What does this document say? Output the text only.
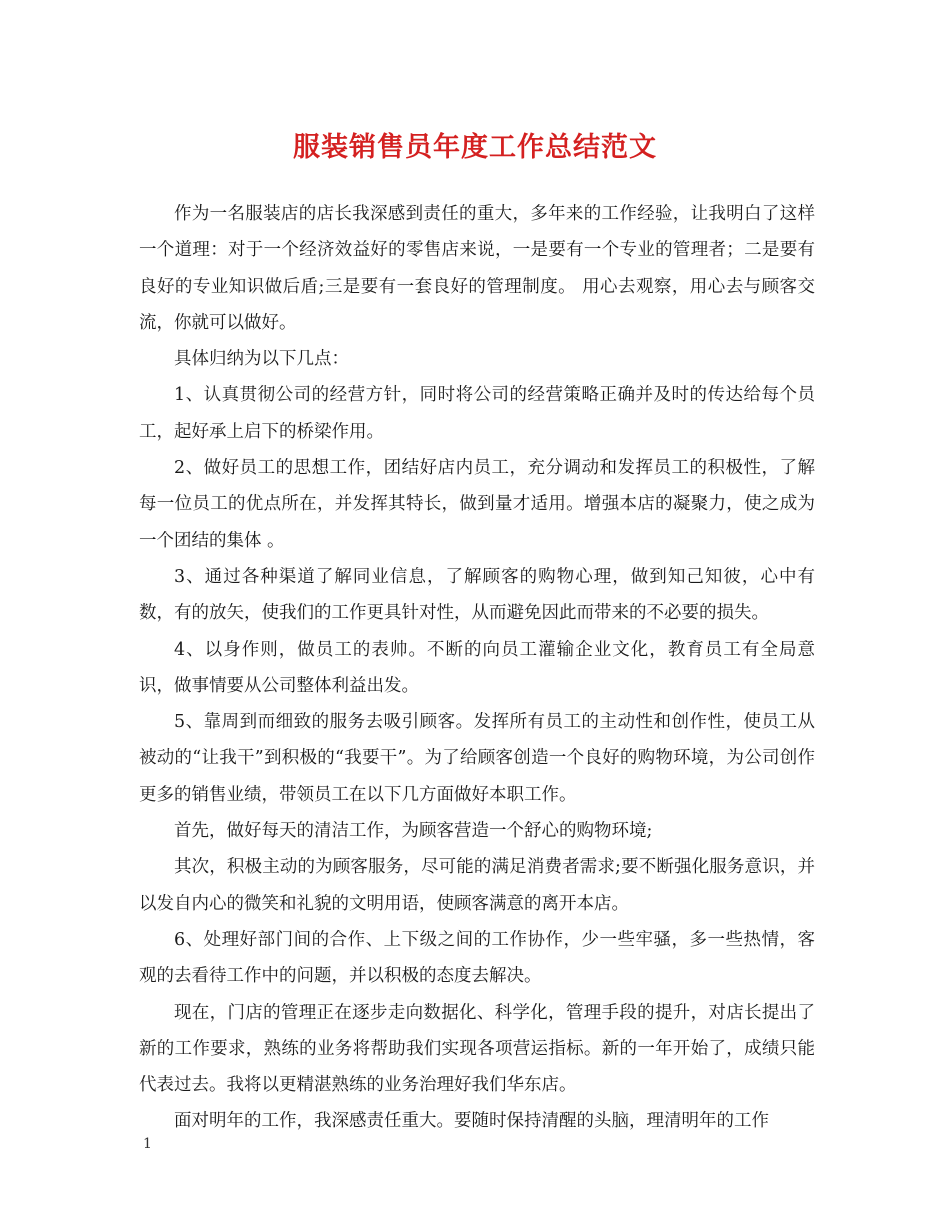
服装销售员年度工作总结范文

作为一名服装店的店长我深感到责任的重大，多年来的工作经验，让我明白了这样一个道理：对于一个经济效益好的零售店来说，一是要有一个专业的管理者；二是要有良好的专业知识做后盾;三是要有一套良好的管理制度。 用心去观察，用心去与顾客交流，你就可以做好。

具体归纳为以下几点：

1、认真贯彻公司的经营方针，同时将公司的经营策略正确并及时的传达给每个员工，起好承上启下的桥梁作用。

2、做好员工的思想工作，团结好店内员工，充分调动和发挥员工的积极性，了解每一位员工的优点所在，并发挥其特长，做到量才适用。增强本店的凝聚力，使之成为一个团结的集体 。

3、通过各种渠道了解同业信息，了解顾客的购物心理，做到知己知彼，心中有数，有的放矢，使我们的工作更具针对性，从而避免因此而带来的不必要的损失。

4、以身作则，做员工的表帅。不断的向员工灌输企业文化，教育员工有全局意识，做事情要从公司整体利益出发。

5、靠周到而细致的服务去吸引顾客。发挥所有员工的主动性和创作性，使员工从被动的“让我干”到积极的“我要干”。为了给顾客创造一个良好的购物环境，为公司创作更多的销售业绩，带领员工在以下几方面做好本职工作。

首先，做好每天的清洁工作，为顾客营造一个舒心的购物环境;

其次，积极主动的为顾客服务，尽可能的满足消费者需求;要不断强化服务意识，并以发自内心的微笑和礼貌的文明用语，使顾客满意的离开本店。

6、处理好部门间的合作、上下级之间的工作协作，少一些牢骚，多一些热情，客观的去看待工作中的问题，并以积极的态度去解决。

现在，门店的管理正在逐步走向数据化、科学化，管理手段的提升，对店长提出了新的工作要求，熟练的业务将帮助我们实现各项营运指标。新的一年开始了，成绩只能代表过去。我将以更精湛熟练的业务治理好我们华东店。

面对明年的工作，我深感责任重大。要随时保持清醒的头脑，理清明年的工作

1
